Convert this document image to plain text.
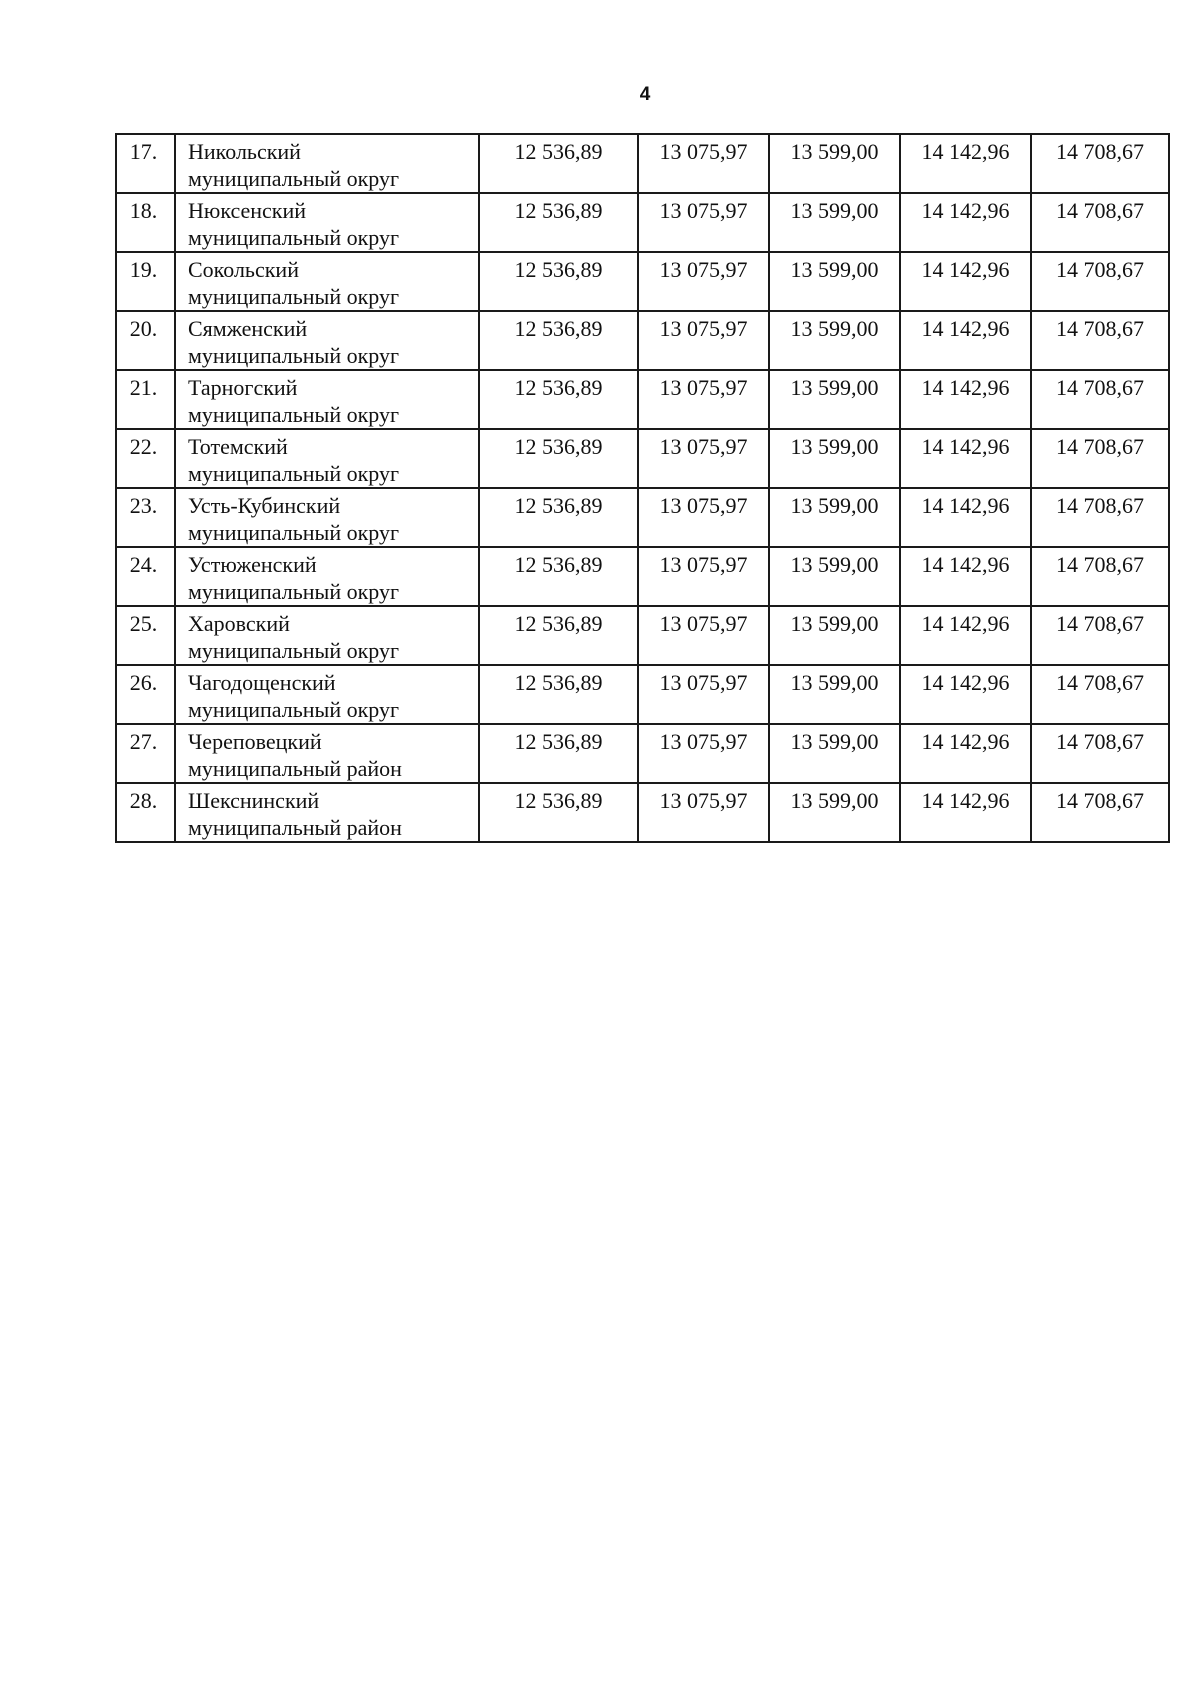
4
17.	Никольский
муниципальный округ	12 536,89	13 075,97	13 599,00	14 142,96	14 708,67
18.	Нюксенский
муниципальный округ	12 536,89	13 075,97	13 599,00	14 142,96	14 708,67
19.	Сокольский
муниципальный округ	12 536,89	13 075,97	13 599,00	14 142,96	14 708,67
20.	Сямженский
муниципальный округ	12 536,89	13 075,97	13 599,00	14 142,96	14 708,67
21.	Тарногский
муниципальный округ	12 536,89	13 075,97	13 599,00	14 142,96	14 708,67
22.	Тотемский
муниципальный округ	12 536,89	13 075,97	13 599,00	14 142,96	14 708,67
23.	Усть-Кубинский
муниципальный округ	12 536,89	13 075,97	13 599,00	14 142,96	14 708,67
24.	Устюженский
муниципальный округ	12 536,89	13 075,97	13 599,00	14 142,96	14 708,67
25.	Харовский
муниципальный округ	12 536,89	13 075,97	13 599,00	14 142,96	14 708,67
26.	Чагодощенский
муниципальный округ	12 536,89	13 075,97	13 599,00	14 142,96	14 708,67
27.	Череповецкий
муниципальный район	12 536,89	13 075,97	13 599,00	14 142,96	14 708,67
28.	Шекснинский
муниципальный район	12 536,89	13 075,97	13 599,00	14 142,96	14 708,67
